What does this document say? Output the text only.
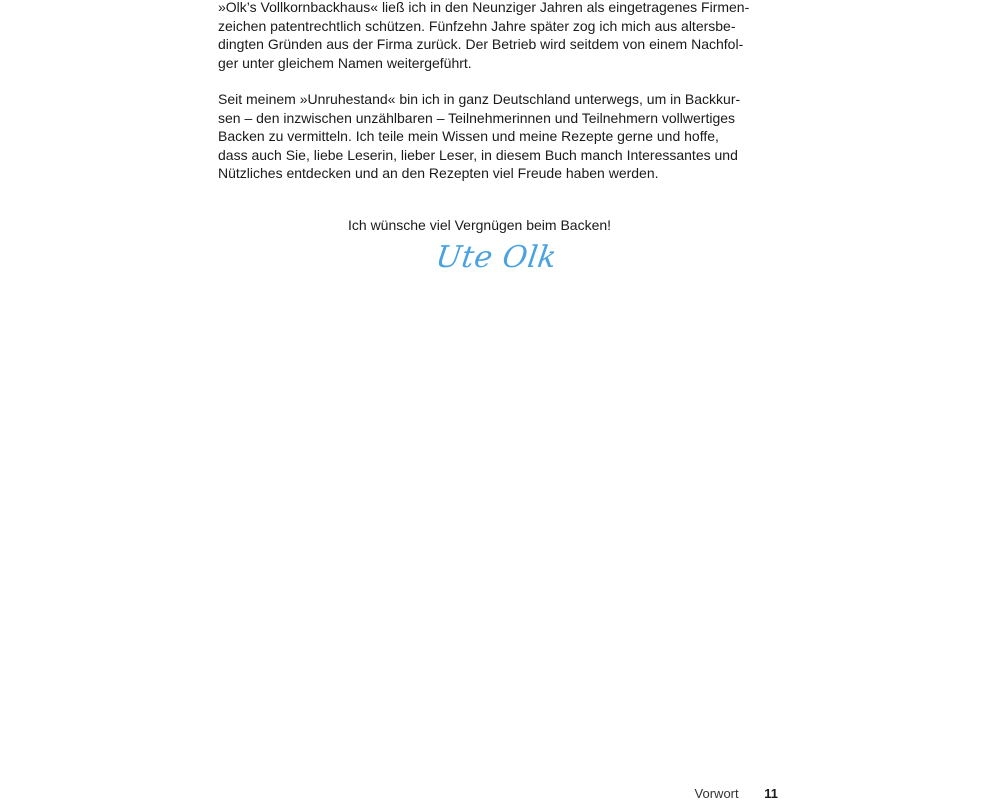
»Olk’s Vollkornbackhaus« ließ ich in den Neunziger Jahren als eingetragenes Firmen-
zeichen patentrechtlich schützen. Fünfzehn Jahre später zog ich mich aus altersbe-
dingten Gründen aus der Firma zurück. Der Betrieb wird seitdem von einem Nachfol-
ger unter gleichem Namen weitergeführt.

Seit meinem »Unruhestand« bin ich in ganz Deutschland unterwegs, um in Backkur-
sen – den inzwischen unzählbaren – Teilnehmerinnen und Teilnehmern vollwertiges
Backen zu vermitteln. Ich teile mein Wissen und meine Rezepte gerne und hoffe,
dass auch Sie, liebe Leserin, lieber Leser, in diesem Buch manch Interessantes und
Nützliches entdecken und an den Rezepten viel Freude haben werden.

Ich wünsche viel Vergnügen beim Backen!

Ute Olk
Vorwort 11
